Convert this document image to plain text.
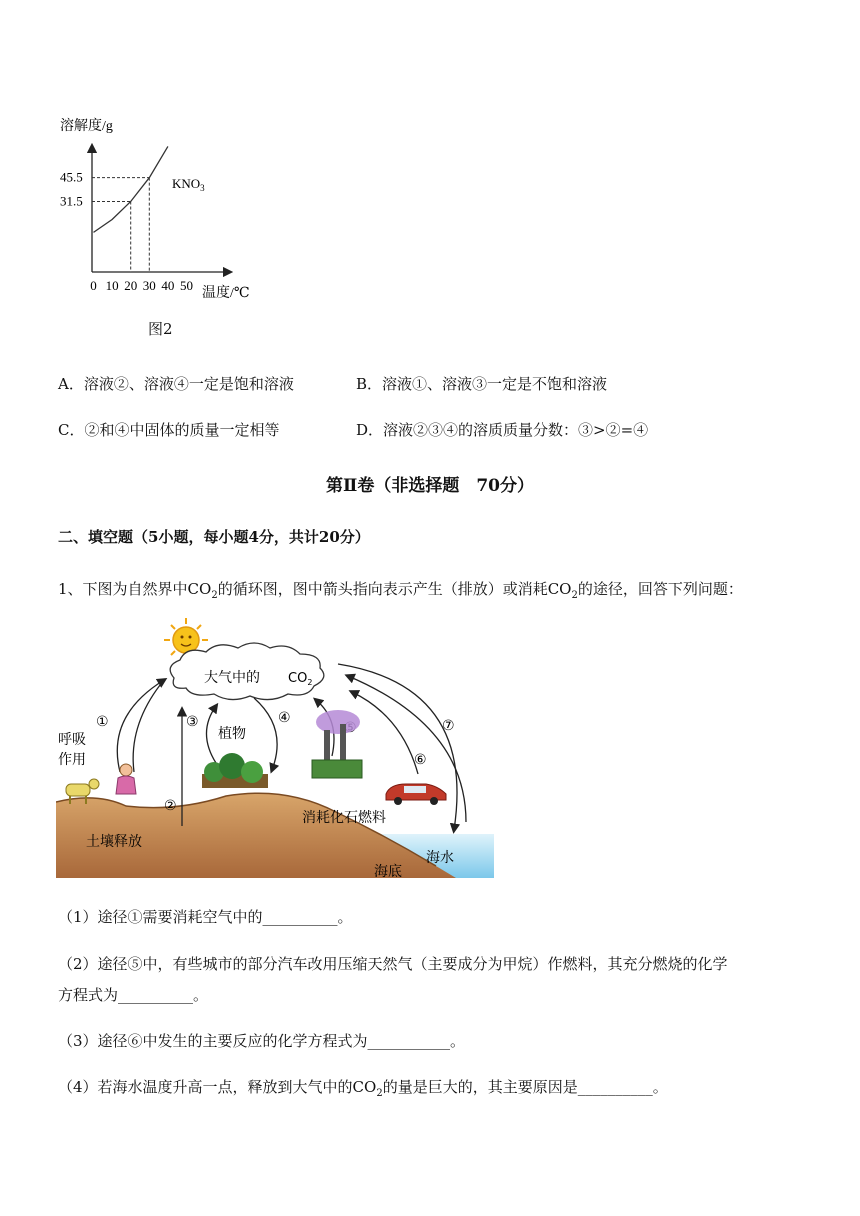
溶解度/g
$KNO_3$
31.5
45.5
0 10 20 30 40 50
温度/℃
图2
A．溶液②、溶液④一定是饱和溶液	B．溶液①、溶液③一定是不饱和溶液
C．②和④中固体的质量一定相等	D．溶液②③④的溶质质量分数：③>②=④
第Ⅱ卷（非选择题　70分）
二、填空题（5小题，每小题4分，共计20分）
1、下图为自然界中$CO_2$的循环图，图中箭头指向表示产生（排放）或消耗$CO_2$的途径，回答下列问题：
大气中的 $CO_2$
①
②
③	④
⑥
⑦
呼吸
作用
植物
消耗化石燃料
土壤释放
海水
海底
（1）途径①需要消耗空气中的__________。
（2）途径⑤中，有些城市的部分汽车改用压缩天然气（主要成分为甲烷）作燃料，其充分燃烧的化学
方程式为__________。
（3）途径⑥中发生的主要反应的化学方程式为___________。
（4）若海水温度升高一点，释放到大气中的$CO_2$的量是巨大的，其主要原因是__________。
